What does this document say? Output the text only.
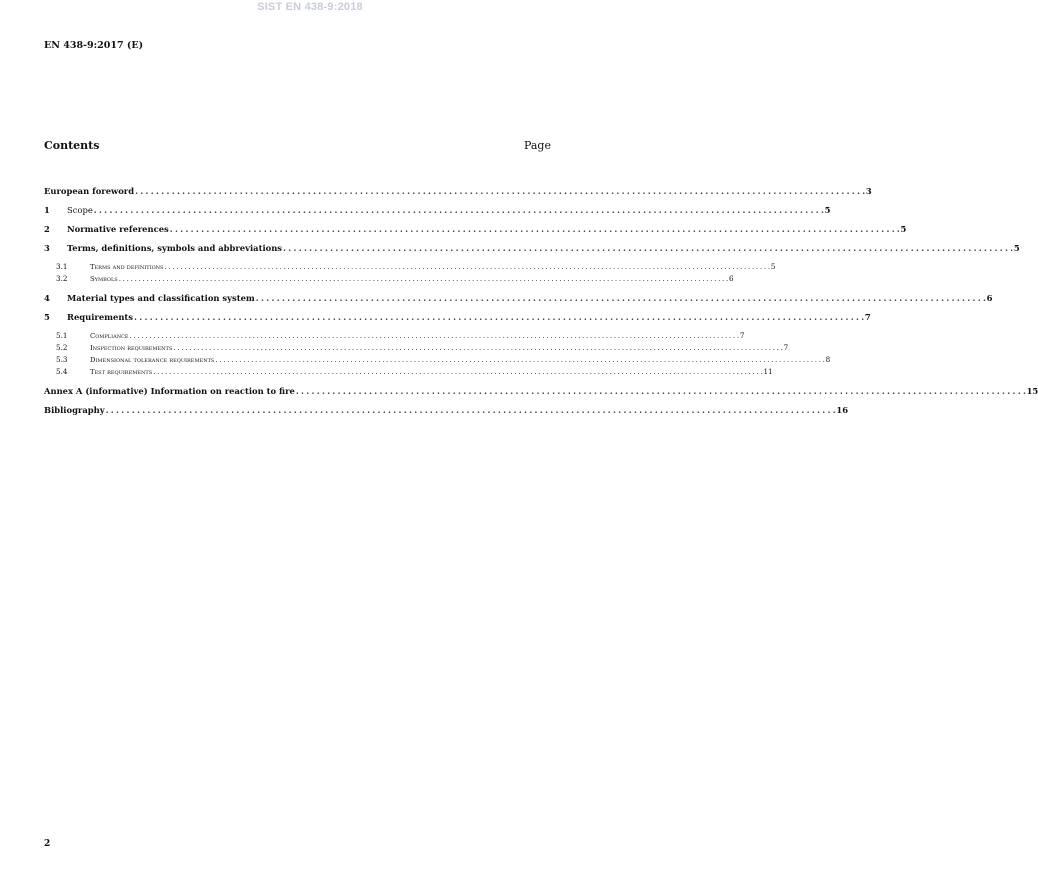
SIST EN 438-9:2018
EN 438-9:2017 (E)
Contents	Page
European foreword . . . . . . . . . . . . . . . . . . . . . . . . . . . . . . . . . . . . . . . . . . . . . . . . . . . . . . . . . . . . . . . . . . . . . . . . . . . . . . . . . . . . . . . . . . . . . . . . . . . . . . . . . . . . . . . . . . . . . . . . . . . . . . . . . . . . . . . . . . . . 3
1	Scope . . . . . . . . . . . . . . . . . . . . . . . . . . . . . . . . . . . . . . . . . . . . . . . . . . . . . . . . . . . . . . . . . . . . . . . . . . . . . . . . . . . . . . . . . . . . . . . . . . . . . . . . . . . . . . . . . . . . . . . . . . . . . . . . . . . . . . . . . . . . 5
2	Normative references . . . . . . . . . . . . . . . . . . . . . . . . . . . . . . . . . . . . . . . . . . . . . . . . . . . . . . . . . . . . . . . . . . . . . . . . . . . . . . . . . . . . . . . . . . . . . . . . . . . . . . . . . . . . . . . . . . . . . . . . . . . . . . . . . . . . . . . . . . . . 5
3	Terms, definitions, symbols and abbreviations . . . . . . . . . . . . . . . . . . . . . . . . . . . . . . . . . . . . . . . . . . . . . . . . . . . . . . . . . . . . . . . . . . . . . . . . . . . . . . . . . . . . . . . . . . . . . . . . . . . . . . . . . . . . . . . . . . . . . . . . . . . . . . . . . . . . . . . . . . . . 5
3.1	Terms and definitions . . . . . . . . . . . . . . . . . . . . . . . . . . . . . . . . . . . . . . . . . . . . . . . . . . . . . . . . . . . . . . . . . . . . . . . . . . . . . . . . . . . . . . . . . . . . . . . . . . . . . . . . . . . . . . . . . . . . . . . . . . . . . . . . . . . . . . . . . . . . . . . . . . . . . . . . . 5
3.2	Symbols . . . . . . . . . . . . . . . . . . . . . . . . . . . . . . . . . . . . . . . . . . . . . . . . . . . . . . . . . . . . . . . . . . . . . . . . . . . . . . . . . . . . . . . . . . . . . . . . . . . . . . . . . . . . . . . . . . . . . . . . . . . . . . . . . . . . . . . . . . . . . . . . . . . . . . . . . . 6
4	Material types and classification system . . . . . . . . . . . . . . . . . . . . . . . . . . . . . . . . . . . . . . . . . . . . . . . . . . . . . . . . . . . . . . . . . . . . . . . . . . . . . . . . . . . . . . . . . . . . . . . . . . . . . . . . . . . . . . . . . . . . . . . . . . . . . . . . . . . . . . . . . . . . 6
5	Requirements . . . . . . . . . . . . . . . . . . . . . . . . . . . . . . . . . . . . . . . . . . . . . . . . . . . . . . . . . . . . . . . . . . . . . . . . . . . . . . . . . . . . . . . . . . . . . . . . . . . . . . . . . . . . . . . . . . . . . . . . . . . . . . . . . . . . . . . . . . . . 7
5.1	Compliance . . . . . . . . . . . . . . . . . . . . . . . . . . . . . . . . . . . . . . . . . . . . . . . . . . . . . . . . . . . . . . . . . . . . . . . . . . . . . . . . . . . . . . . . . . . . . . . . . . . . . . . . . . . . . . . . . . . . . . . . . . . . . . . . . . . . . . . . . . . . . . . . . . . . . . . . . . 7
5.2	Inspection requirements . . . . . . . . . . . . . . . . . . . . . . . . . . . . . . . . . . . . . . . . . . . . . . . . . . . . . . . . . . . . . . . . . . . . . . . . . . . . . . . . . . . . . . . . . . . . . . . . . . . . . . . . . . . . . . . . . . . . . . . . . . . . . . . . . . . . . . . . . . . . . . . . . . . . . . . . . . 7
5.3	Dimensional tolerance requirements . . . . . . . . . . . . . . . . . . . . . . . . . . . . . . . . . . . . . . . . . . . . . . . . . . . . . . . . . . . . . . . . . . . . . . . . . . . . . . . . . . . . . . . . . . . . . . . . . . . . . . . . . . . . . . . . . . . . . . . . . . . . . . . . . . . . . . . . . . . . . . . . . . . . . . . . . . 8
5.4	Test requirements . . . . . . . . . . . . . . . . . . . . . . . . . . . . . . . . . . . . . . . . . . . . . . . . . . . . . . . . . . . . . . . . . . . . . . . . . . . . . . . . . . . . . . . . . . . . . . . . . . . . . . . . . . . . . . . . . . . . . . . . . . . . . . . . . . . . . . . . . . . . . . . . . . . . . . . . . . 11
Annex A (informative) Information on reaction to fire . . . . . . . . . . . . . . . . . . . . . . . . . . . . . . . . . . . . . . . . . . . . . . . . . . . . . . . . . . . . . . . . . . . . . . . . . . . . . . . . . . . . . . . . . . . . . . . . . . . . . . . . . . . . . . . . . . . . . . . . . . . . . . . . . . . . . . . . . . . . 15
Bibliography . . . . . . . . . . . . . . . . . . . . . . . . . . . . . . . . . . . . . . . . . . . . . . . . . . . . . . . . . . . . . . . . . . . . . . . . . . . . . . . . . . . . . . . . . . . . . . . . . . . . . . . . . . . . . . . . . . . . . . . . . . . . . . . . . . . . . . . . . . . . 16
2
